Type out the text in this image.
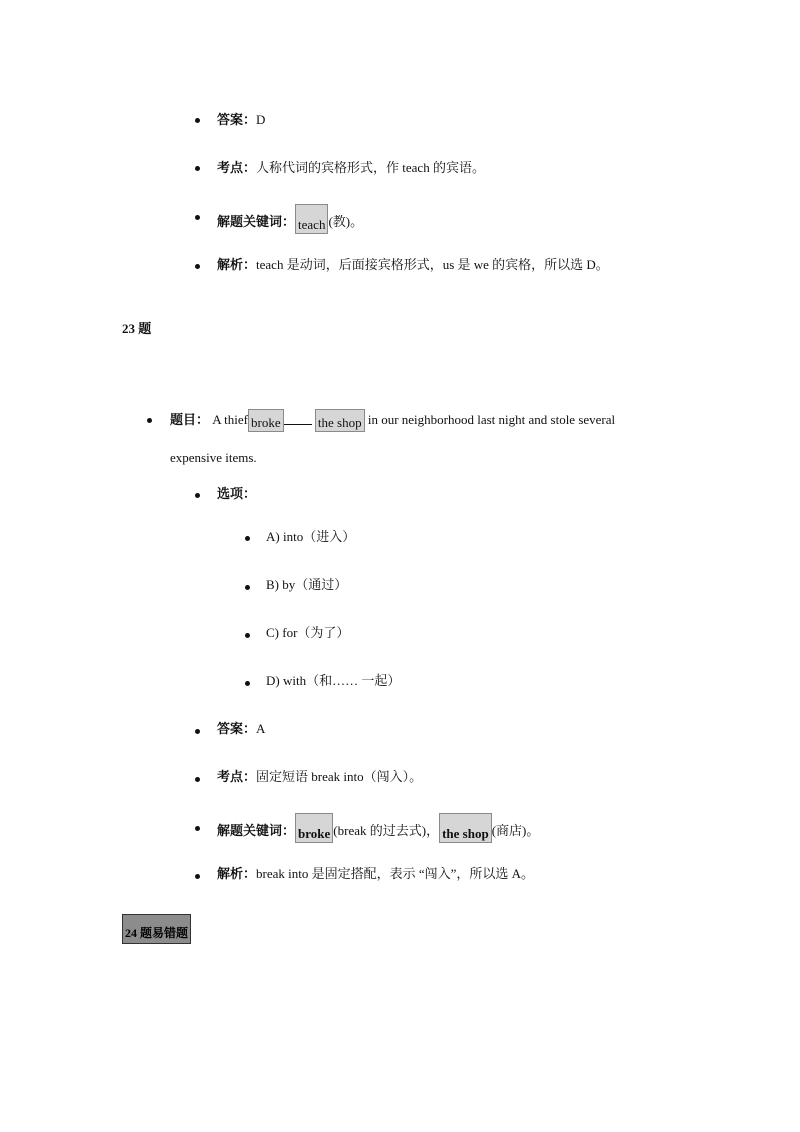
答案：D
考点：人称代词的宾格形式，作 teach 的宾语。
解题关键词： teach (教)。
解析：teach 是动词，后面接宾格形式，us 是 we 的宾格，所以选 D。
23 题
题目： A thief broke	the shop in our neighborhood last night and stole several
expensive items.
选项：
A) into（进入）
B) by（通过）
C) for（为了）
D) with（和…… 一起）
答案：A
考点：固定短语 break into（闯入）。
解题关键词： broke (break 的过去式)， the shop (商店)。
解析：break into 是固定搭配，表示 “闯入”，所以选 A。
24 题易错题
